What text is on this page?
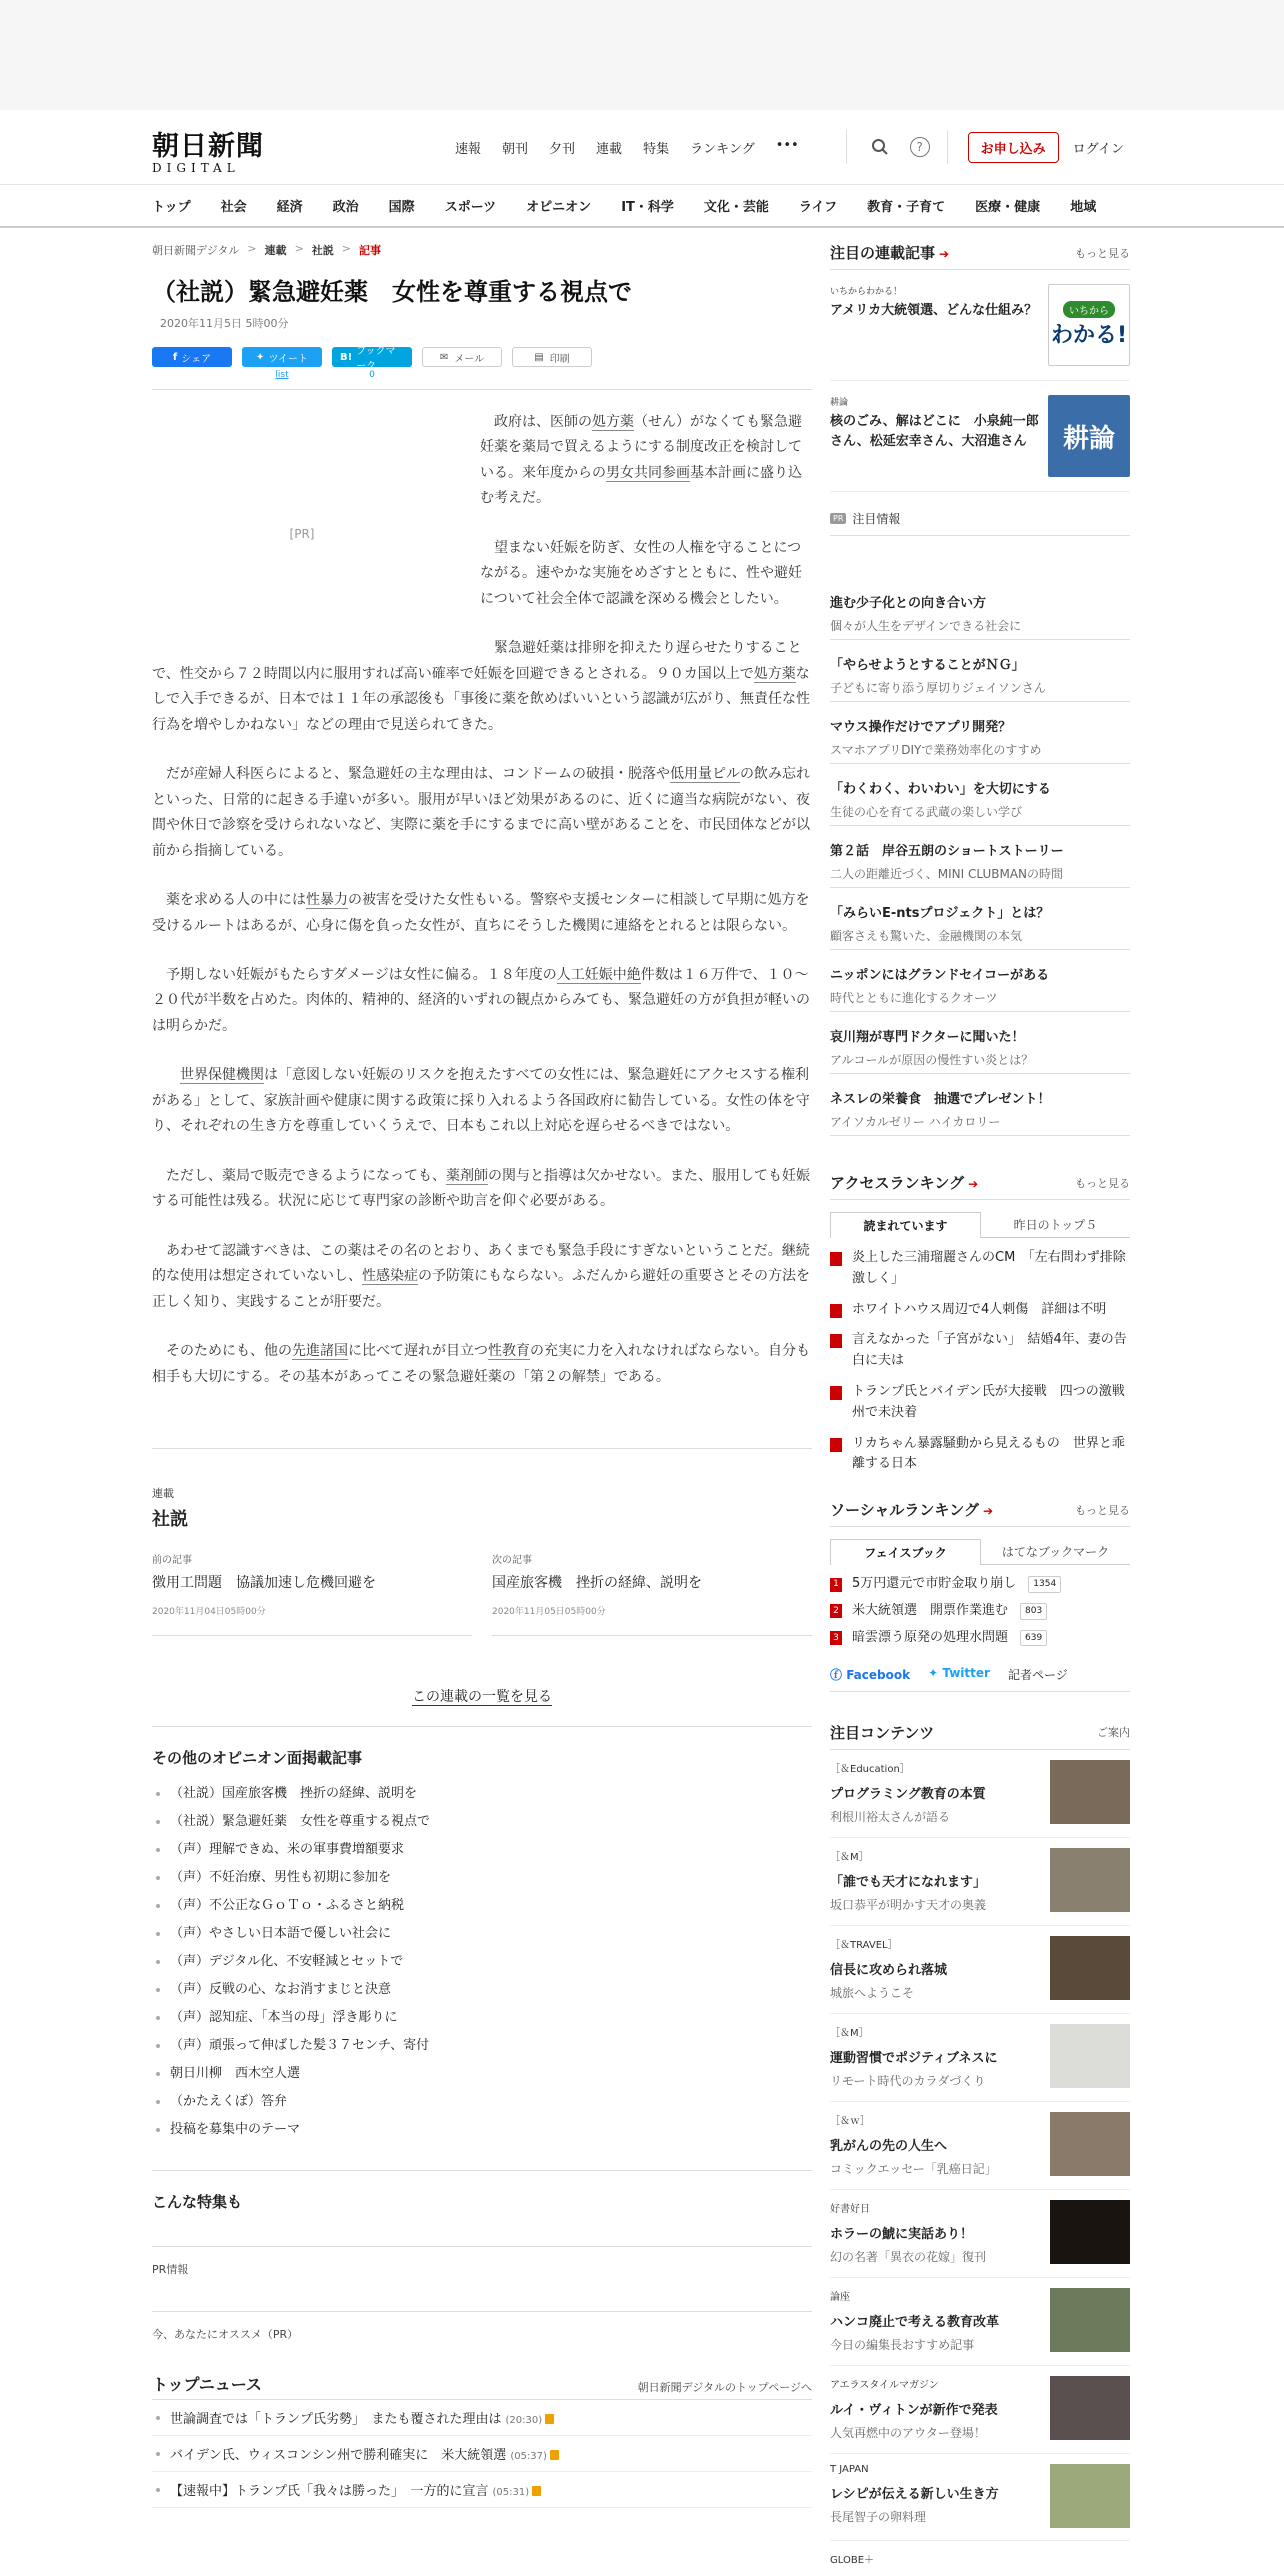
朝日新聞
DIGITAL
速報 朝刊 夕刊 連載 特集 ランキング •••	?	お申し込み	ログイン
トップ 社会 経済 政治 国際 スポーツ オピニオン IT・科学 文化・芸能 ライフ 教育・子育て 医療・健康 地域
朝日新聞デジタル > 連載 > 社説 > 記事
（社説）緊急避妊薬　女性を尊重する視点で
2020年11月5日 5時00分
f シェア	✦ ツイート
list
B! ブックマーク
0
✉ メール	▤ 印刷
[PR]

政府は、医師の処方薬（せん）がなくても緊急避妊薬を薬局で買えるようにする制度改正を検討している。来年度からの男女共同参画基本計画に盛り込む考えだ。

望まない妊娠を防ぎ、女性の人権を守ることにつながる。速やかな実施をめざすとともに、性や避妊について社会全体で認識を深める機会としたい。

緊急避妊薬は排卵を抑えたり遅らせたりすることで、性交から７２時間以内に服用すれば高い確率で妊娠を回避できるとされる。９０カ国以上で処方薬なしで入手できるが、日本では１１年の承認後も「事後に薬を飲めばいいという認識が広がり、無責任な性行為を増やしかねない」などの理由で見送られてきた。

だが産婦人科医らによると、緊急避妊の主な理由は、コンドームの破損・脱落や低用量ピルの飲み忘れといった、日常的に起きる手違いが多い。服用が早いほど効果があるのに、近くに適当な病院がない、夜間や休日で診察を受けられないなど、実際に薬を手にするまでに高い壁があることを、市民団体などが以前から指摘している。

薬を求める人の中には性暴力の被害を受けた女性もいる。警察や支援センターに相談して早期に処方を受けるルートはあるが、心身に傷を負った女性が、直ちにそうした機関に連絡をとれるとは限らない。

予期しない妊娠がもたらすダメージは女性に偏る。１８年度の人工妊娠中絶件数は１６万件で、１０～２０代が半数を占めた。肉体的、精神的、経済的いずれの観点からみても、緊急避妊の方が負担が軽いのは明らかだ。

　世界保健機関は「意図しない妊娠のリスクを抱えたすべての女性には、緊急避妊にアクセスする権利がある」として、家族計画や健康に関する政策に採り入れるよう各国政府に勧告している。女性の体を守り、それぞれの生き方を尊重していくうえで、日本もこれ以上対応を遅らせるべきではない。

ただし、薬局で販売できるようになっても、薬剤師の関与と指導は欠かせない。また、服用しても妊娠する可能性は残る。状況に応じて専門家の診断や助言を仰ぐ必要がある。

あわせて認識すべきは、この薬はその名のとおり、あくまでも緊急手段にすぎないということだ。継続的な使用は想定されていないし、性感染症の予防策にもならない。ふだんから避妊の重要さとその方法を正しく知り、実践することが肝要だ。

そのためにも、他の先進諸国に比べて遅れが目立つ性教育の充実に力を入れなければならない。自分も相手も大切にする。その基本があってこその緊急避妊薬の「第２の解禁」である。

連載
社説
前の記事
徴用工問題　協議加速し危機回避を
2020年11月04日05時00分
次の記事
国産旅客機　挫折の経緯、説明を
2020年11月05日05時00分
この連載の一覧を見る
その他のオピニオン面掲載記事
（社説）国産旅客機　挫折の経緯、説明を
（社説）緊急避妊薬　女性を尊重する視点で
（声）理解できぬ、米の軍事費増額要求
（声）不妊治療、男性も初期に参加を
（声）不公正なＧｏＴｏ・ふるさと納税
（声）やさしい日本語で優しい社会に
（声）デジタル化、不安軽減とセットで
（声）反戦の心、なお消すまじと決意
（声）認知症、「本当の母」浮き彫りに
（声）頑張って伸ばした髪３７センチ、寄付
朝日川柳　西木空人選
（かたえくぼ）答弁
投稿を募集中のテーマ
こんな特集も
PR情報
今、あなたにオススメ（PR）
トップニュース	朝日新聞デジタルのトップページへ
世論調査では「トランプ氏劣勢」　またも覆された理由は (20:30)
バイデン氏、ウィスコンシン州で勝利確実に　米大統領選 (05:37)
【速報中】トランプ氏「我々は勝った」　一方的に宣言 (05:31)
注目の連載記事 ➔	もっと見る
いちからわかる！
アメリカ大統領選、どんな仕組み？	いちから
わかる!
耕論
核のごみ、解はどこに　小泉純一郎さん、松延宏幸さん、大沼進さん	耕論
PR 注目情報
進む少子化との向き合い方
個々が人生をデザインできる社会に
「やらせようとすることがＮＧ」
子どもに寄り添う厚切りジェイソンさん
マウス操作だけでアプリ開発？
スマホアプリDIYで業務効率化のすすめ
「わくわく、わいわい」を大切にする
生徒の心を育てる武蔵の楽しい学び
第２話　岸谷五朗のショートストーリー
二人の距離近づく、MINI CLUBMANの時間
「みらいE-ntsプロジェクト」とは？
顧客さえも驚いた、金融機関の本気
ニッポンにはグランドセイコーがある
時代とともに進化するクオーツ
哀川翔が専門ドクターに聞いた！
アルコールが原因の慢性すい炎とは？
ネスレの栄養食　抽選でプレゼント！
アイソカルゼリー ハイカロリー
アクセスランキング ➔	もっと見る
読まれています	昨日のトップ５
炎上した三浦瑠麗さんのCM　「左右問わず排除激しく」
ホワイトハウス周辺で4人刺傷　詳細は不明
言えなかった「子宮がない」　結婚4年、妻の告白に夫は
トランプ氏とバイデン氏が大接戦　四つの激戦州で未決着
リカちゃん暴露騒動から見えるもの　世界と乖離する日本
ソーシャルランキング ➔	もっと見る
フェイスブック	はてなブックマーク
1 5万円還元で市貯金取り崩し	1354
2 米大統領選　開票作業進む	803
3 暗雲漂う原発の処理水問題	639
ⓕ Facebook ✦ Twitter 記者ページ
注目コンテンツ	ご案内
［＆Education］
プログラミング教育の本質
利根川裕太さんが語る
［＆M］
「誰でも天才になれます」
坂口恭平が明かす天才の奥義
［＆TRAVEL］
信長に攻められ落城
城旅へようこそ
［＆M］
運動習慣でポジティブネスに
リモート時代のカラダづくり
［＆ｗ］
乳がんの先の人生へ
コミックエッセー「乳癌日記」
好書好日
ホラーの鯱に実話あり！
幻の名著「異衣の花嫁」復刊
論座
ハンコ廃止で考える教育改革
今日の編集長おすすめ記事
アエラスタイルマガジン
ルイ・ヴィトンが新作で発表
人気再燃中のアウター登場！
T JAPAN
レシピが伝える新しい生き方
長尾智子の卵料理
GLOBE＋
